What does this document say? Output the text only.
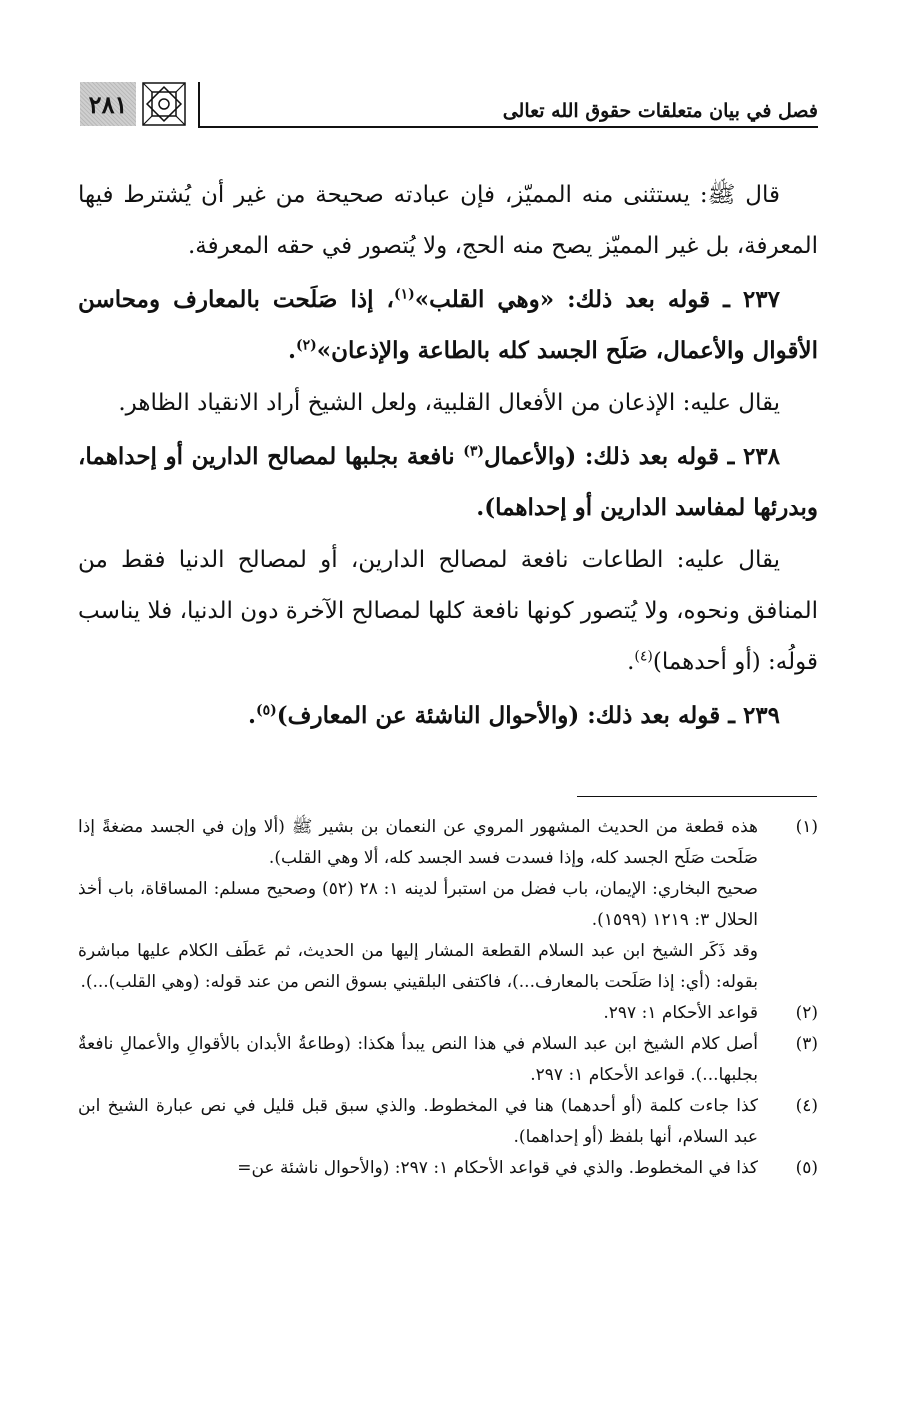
فصل في بيان متعلقات حقوق الله تعالى
٢٨١

قال ﷺ: يستثنى منه المميّز، فإن عبادته صحيحة من غير أن يُشترط فيها المعرفة، بل غير المميّز يصح منه الحج، ولا يُتصور في حقه المعرفة.

٢٣٧ ـ قوله بعد ذلك: «وهي القلب»$^{(١)}$، إذا صَلَحت بالمعارف ومحاسن الأقوال والأعمال، صَلَح الجسد كله بالطاعة والإذعان»$^{(٢)}$.

يقال عليه: الإذعان من الأفعال القلبية، ولعل الشيخ أراد الانقياد الظاهر.

٢٣٨ ـ قوله بعد ذلك: (والأعمال$^{(٣)}$ نافعة بجلبها لمصالح الدارين أو إحداهما، وبدرئها لمفاسد الدارين أو إحداهما).

يقال عليه: الطاعات نافعة لمصالح الدارين، أو لمصالح الدنيا فقط من المنافق ونحوه، ولا يُتصور كونها نافعة كلها لمصالح الآخرة دون الدنيا، فلا يناسب قولُه: (أو أحدهما)$^{(٤)}$.

٢٣٩ ـ قوله بعد ذلك: (والأحوال الناشئة عن المعارف)$^{(٥)}$.

(١)

هذه قطعة من الحديث المشهور المروي عن النعمان بن بشير ﷺ (ألا وإن في الجسد مضغةً إذا صَلَحت صَلَح الجسد كله، وإذا فسدت فسد الجسد كله، ألا وهي القلب).

صحيح البخاري: الإيمان، باب فضل من استبرأ لدينه ١: ٢٨ (٥٢) وصحيح مسلم: المساقاة، باب أخذ الحلال ٣: ١٢١٩ (١٥٩٩).

وقد ذَكَر الشيخ ابن عبد السلام القطعة المشار إليها من الحديث، ثم عَطَف الكلام عليها مباشرة بقوله: (أي: إذا صَلَحت بالمعارف...)، فاكتفى البلقيني بسوق النص من عند قوله: (وهي القلب)...).

(٢)

قواعد الأحكام ١: ٢٩٧.

(٣)

أصل كلام الشيخ ابن عبد السلام في هذا النص يبدأ هكذا: (وطاعةُ الأبدان بالأقوالِ والأعمالِ نافعةٌ بجلبها...). قواعد الأحكام ١: ٢٩٧.

(٤)

كذا جاءت كلمة (أو أحدهما) هنا في المخطوط. والذي سبق قبل قليل في نص عبارة الشيخ ابن عبد السلام، أنها بلفظ (أو إحداهما).

(٥)

كذا في المخطوط. والذي في قواعد الأحكام ١: ٢٩٧: (والأحوال ناشئة عن=
